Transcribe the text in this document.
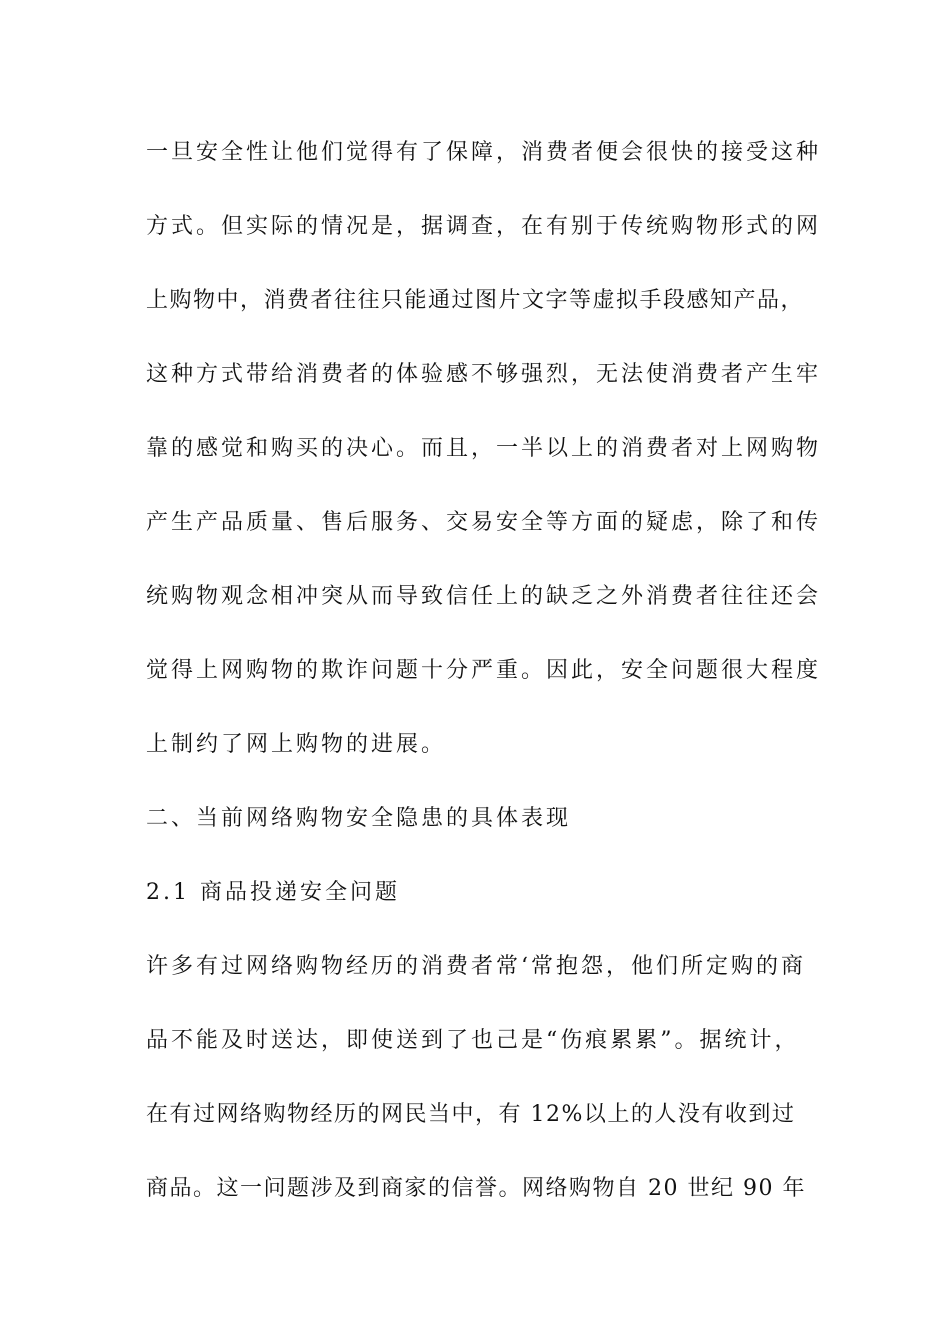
一旦安全性让他们觉得有了保障，消费者便会很快的接受这种
方式。但实际的情况是，据调查，在有别于传统购物形式的网
上购物中，消费者往往只能通过图片文字等虚拟手段感知产品，
这种方式带给消费者的体验感不够强烈，无法使消费者产生牢
靠的感觉和购买的决心。而且，一半以上的消费者对上网购物
产生产品质量、售后服务、交易安全等方面的疑虑，除了和传
统购物观念相冲突从而导致信任上的缺乏之外消费者往往还会
觉得上网购物的欺诈问题十分严重。因此，安全问题很大程度
上制约了网上购物的进展。
二、当前网络购物安全隐患的具体表现
2.1 商品投递安全问题
许多有过网络购物经历的消费者常‘常抱怨，他们所定购的商
品不能及时送达，即使送到了也己是“伤痕累累”。据统计，
在有过网络购物经历的网民当中，有 12%以上的人没有收到过
商品。这一问题涉及到商家的信誉。网络购物自 20 世纪 90 年
